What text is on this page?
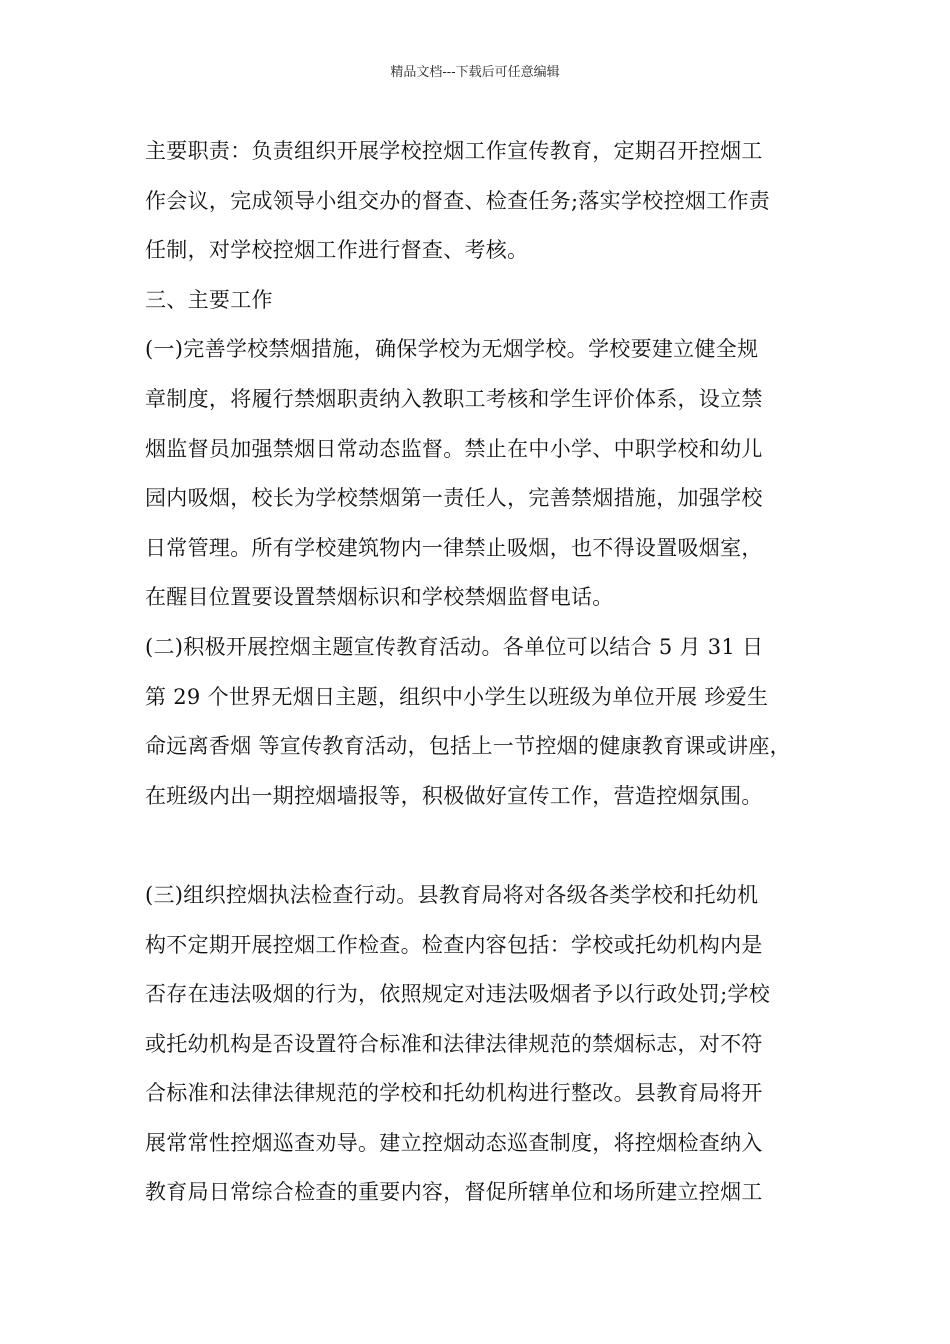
精品文档---下载后可任意编辑
主要职责：负责组织开展学校控烟工作宣传教育，定期召开控烟工
作会议，完成领导小组交办的督查、检查任务;落实学校控烟工作责
任制，对学校控烟工作进行督查、考核。
三、主要工作
(一)完善学校禁烟措施，确保学校为无烟学校。学校要建立健全规
章制度，将履行禁烟职责纳入教职工考核和学生评价体系，设立禁
烟监督员加强禁烟日常动态监督。禁止在中小学、中职学校和幼儿
园内吸烟，校长为学校禁烟第一责任人，完善禁烟措施，加强学校
日常管理。所有学校建筑物内一律禁止吸烟，也不得设置吸烟室，
在醒目位置要设置禁烟标识和学校禁烟监督电话。
(二)积极开展控烟主题宣传教育活动。各单位可以结合 5 月 31 日
第 29 个世界无烟日主题，组织中小学生以班级为单位开展 珍爱生
命远离香烟 等宣传教育活动，包括上一节控烟的健康教育课或讲座，
在班级内出一期控烟墙报等，积极做好宣传工作，营造控烟氛围。
(三)组织控烟执法检查行动。县教育局将对各级各类学校和托幼机
构不定期开展控烟工作检查。检查内容包括：学校或托幼机构内是
否存在违法吸烟的行为，依照规定对违法吸烟者予以行政处罚;学校
或托幼机构是否设置符合标准和法律法律规范的禁烟标志，对不符
合标准和法律法律规范的学校和托幼机构进行整改。县教育局将开
展常常性控烟巡查劝导。建立控烟动态巡查制度，将控烟检查纳入
教育局日常综合检查的重要内容，督促所辖单位和场所建立控烟工
